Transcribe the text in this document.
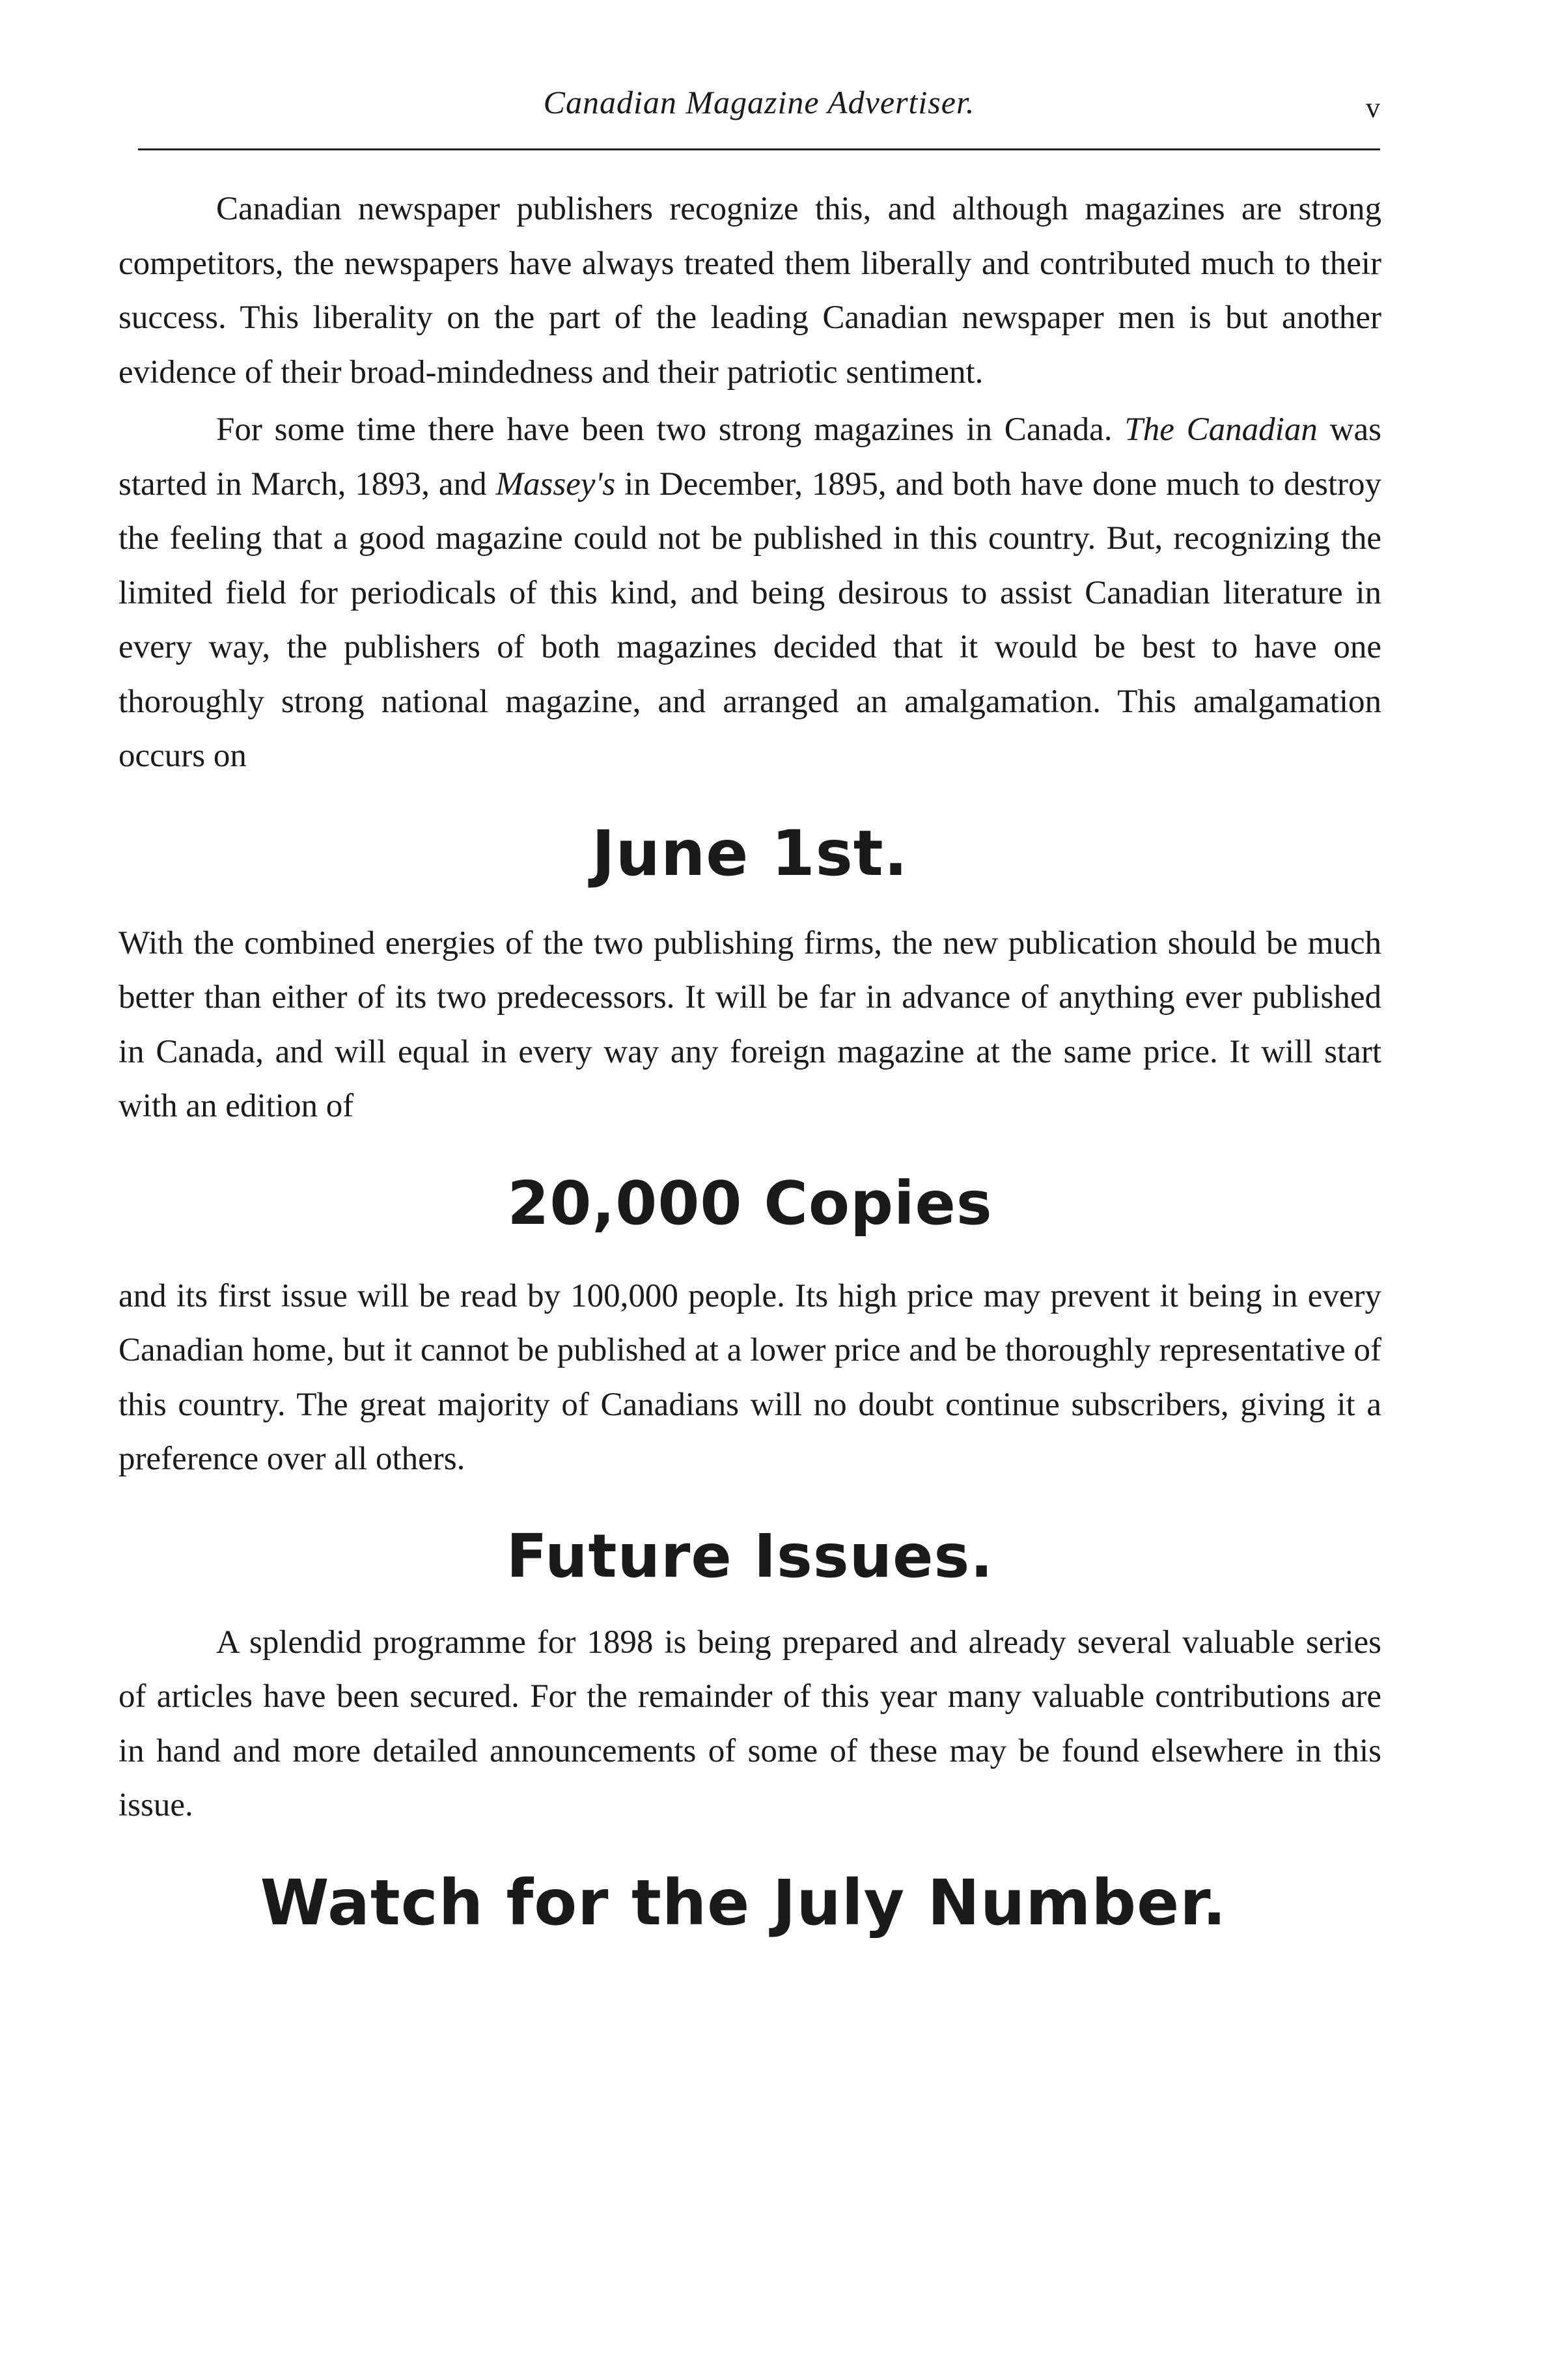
Canadian Magazine Advertiser.	v

Canadian newspaper publishers recognize this, and although magazines are strong competitors, the newspapers have always treated them liberally and contributed much to their success. This liberality on the part of the leading Canadian newspaper men is but another evidence of their broad-mindedness and their patriotic sentiment.

For some time there have been two strong magazines in Canada. The Canadian was started in March, 1893, and Massey's in December, 1895, and both have done much to destroy the feeling that a good magazine could not be published in this country. But, recognizing the limited field for periodicals of this kind, and being desirous to assist Canadian literature in every way, the publishers of both magazines decided that it would be best to have one thoroughly strong national magazine, and arranged an amalgamation. This amalgamation occurs on

June 1st.

With the combined energies of the two publishing firms, the new publication should be much better than either of its two predecessors. It will be far in advance of anything ever published in Canada, and will equal in every way any foreign magazine at the same price. It will start with an edition of

20,000 Copies

and its first issue will be read by 100,000 people. Its high price may prevent it being in every Canadian home, but it cannot be published at a lower price and be thoroughly representative of this country. The great majority of Canadians will no doubt continue subscribers, giving it a preference over all others.

Future Issues.

A splendid programme for 1898 is being prepared and already several valuable series of articles have been secured. For the remainder of this year many valuable contributions are in hand and more detailed announcements of some of these may be found elsewhere in this issue.

Watch for the July Number.
